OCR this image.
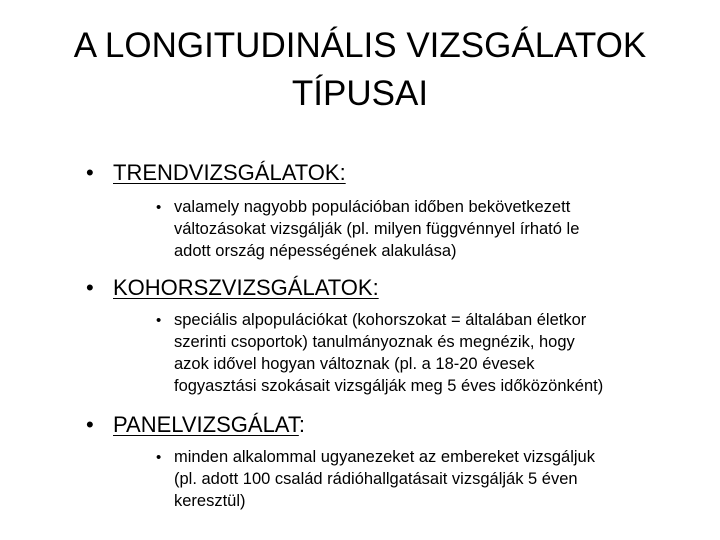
A LONGITUDINÁLIS VIZSGÁLATOK
TÍPUSAI
• TRENDVIZSGÁLATOK:
• valamely nagyobb populációban időben bekövetkezett
változásokat vizsgálják (pl. milyen függvénnyel írható le
adott ország népességének alakulása)
• KOHORSZVIZSGÁLATOK:
• speciális alpopulációkat (kohorszokat = általában életkor
szerinti csoportok) tanulmányoznak és megnézik, hogy
azok idővel hogyan változnak (pl. a 18-20 évesek
fogyasztási szokásait vizsgálják meg 5 éves időközönként)
• PANELVIZSGÁLAT:
• minden alkalommal ugyanezeket az embereket vizsgáljuk
(pl. adott 100 család rádióhallgatásait vizsgálják 5 éven
keresztül)
